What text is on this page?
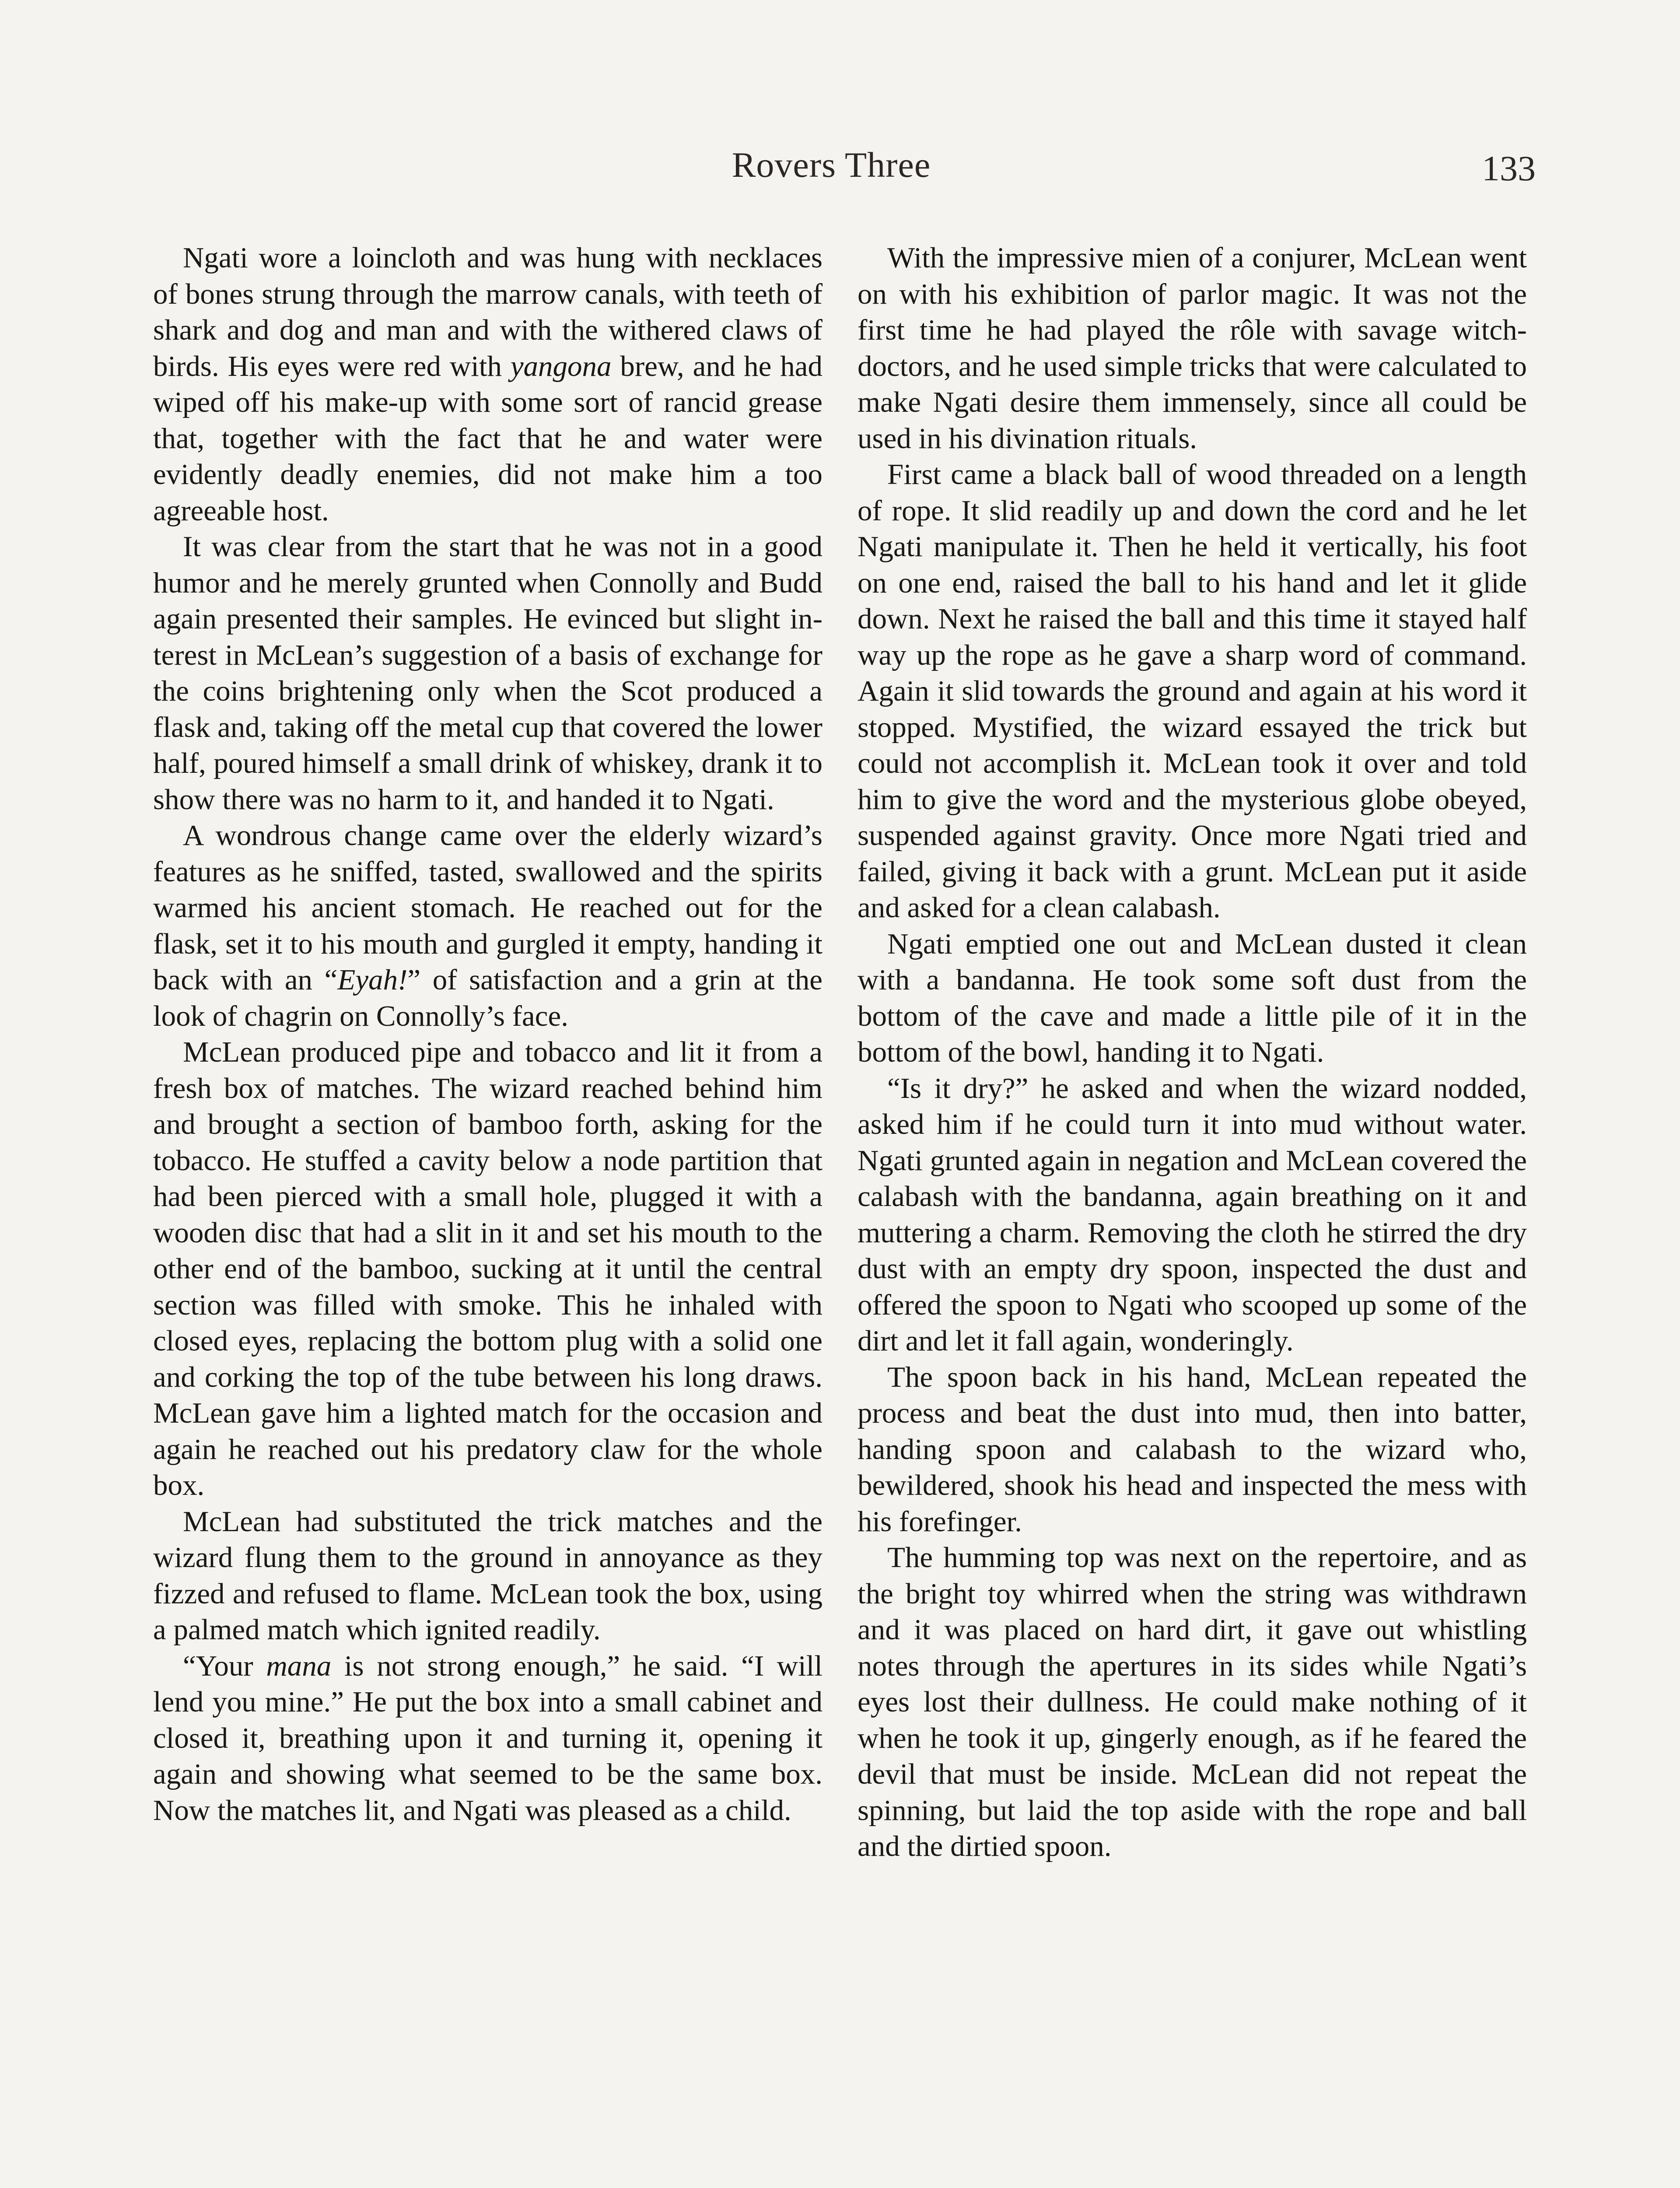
Rovers Three	133

Ngati wore a loincloth and was hung with necklaces of bones strung through the marrow canals, with teeth of shark and dog and man and with the withered claws of birds. His eyes were red with yangona brew, and he had wiped off his make-up with some sort of rancid grease that, together with the fact that he and water were evidently deadly enemies, did not make him a too agreeable host.

It was clear from the start that he was not in a good humor and he merely grunted when Connolly and Budd again presented their samples. He evinced but slight interest in McLean’s suggestion of a basis of exchange for the coins brightening only when the Scot produced a flask and, taking off the metal cup that covered the lower half, poured himself a small drink of whiskey, drank it to show there was no harm to it, and handed it to Ngati.

A wondrous change came over the elderly wizard’s features as he sniffed, tasted, swallowed and the spirits warmed his ancient stomach. He reached out for the flask, set it to his mouth and gurgled it empty, handing it back with an “Eyah!” of satisfaction and a grin at the look of chagrin on Connolly’s face.

McLean produced pipe and tobacco and lit it from a fresh box of matches. The wizard reached behind him and brought a section of bamboo forth, asking for the tobacco. He stuffed a cavity below a node partition that had been pierced with a small hole, plugged it with a wooden disc that had a slit in it and set his mouth to the other end of the bamboo, sucking at it until the central section was filled with smoke. This he inhaled with closed eyes, replacing the bottom plug with a solid one and corking the top of the tube between his long draws. McLean gave him a lighted match for the occasion and again he reached out his predatory claw for the whole box.

McLean had substituted the trick matches and the wizard flung them to the ground in annoyance as they fizzed and refused to flame. McLean took the box, using a palmed match which ignited readily.

“Your mana is not strong enough,” he said. “I will lend you mine.” He put the box into a small cabinet and closed it, breathing upon it and turning it, opening it again and showing what seemed to be the same box. Now the matches lit, and Ngati was pleased as a child.

With the impressive mien of a conjurer, McLean went on with his exhibition of parlor magic. It was not the first time he had played the rôle with savage witch-doctors, and he used simple tricks that were calculated to make Ngati desire them immensely, since all could be used in his divination rituals.

First came a black ball of wood threaded on a length of rope. It slid readily up and down the cord and he let Ngati manipulate it. Then he held it vertically, his foot on one end, raised the ball to his hand and let it glide down. Next he raised the ball and this time it stayed half way up the rope as he gave a sharp word of command. Again it slid towards the ground and again at his word it stopped. Mystified, the wizard essayed the trick but could not accomplish it. McLean took it over and told him to give the word and the mysterious globe obeyed, suspended against gravity. Once more Ngati tried and failed, giving it back with a grunt. McLean put it aside and asked for a clean calabash.

Ngati emptied one out and McLean dusted it clean with a bandanna. He took some soft dust from the bottom of the cave and made a little pile of it in the bottom of the bowl, handing it to Ngati.

“Is it dry?” he asked and when the wizard nodded, asked him if he could turn it into mud without water. Ngati grunted again in negation and McLean covered the calabash with the bandanna, again breathing on it and muttering a charm. Removing the cloth he stirred the dry dust with an empty dry spoon, inspected the dust and offered the spoon to Ngati who scooped up some of the dirt and let it fall again, wonderingly.

The spoon back in his hand, McLean repeated the process and beat the dust into mud, then into batter, handing spoon and calabash to the wizard who, bewildered, shook his head and inspected the mess with his forefinger.

The humming top was next on the repertoire, and as the bright toy whirred when the string was withdrawn and it was placed on hard dirt, it gave out whistling notes through the apertures in its sides while Ngati’s eyes lost their dullness. He could make nothing of it when he took it up, gingerly enough, as if he feared the devil that must be inside. McLean did not repeat the spinning, but laid the top aside with the rope and ball and the dirtied spoon.
